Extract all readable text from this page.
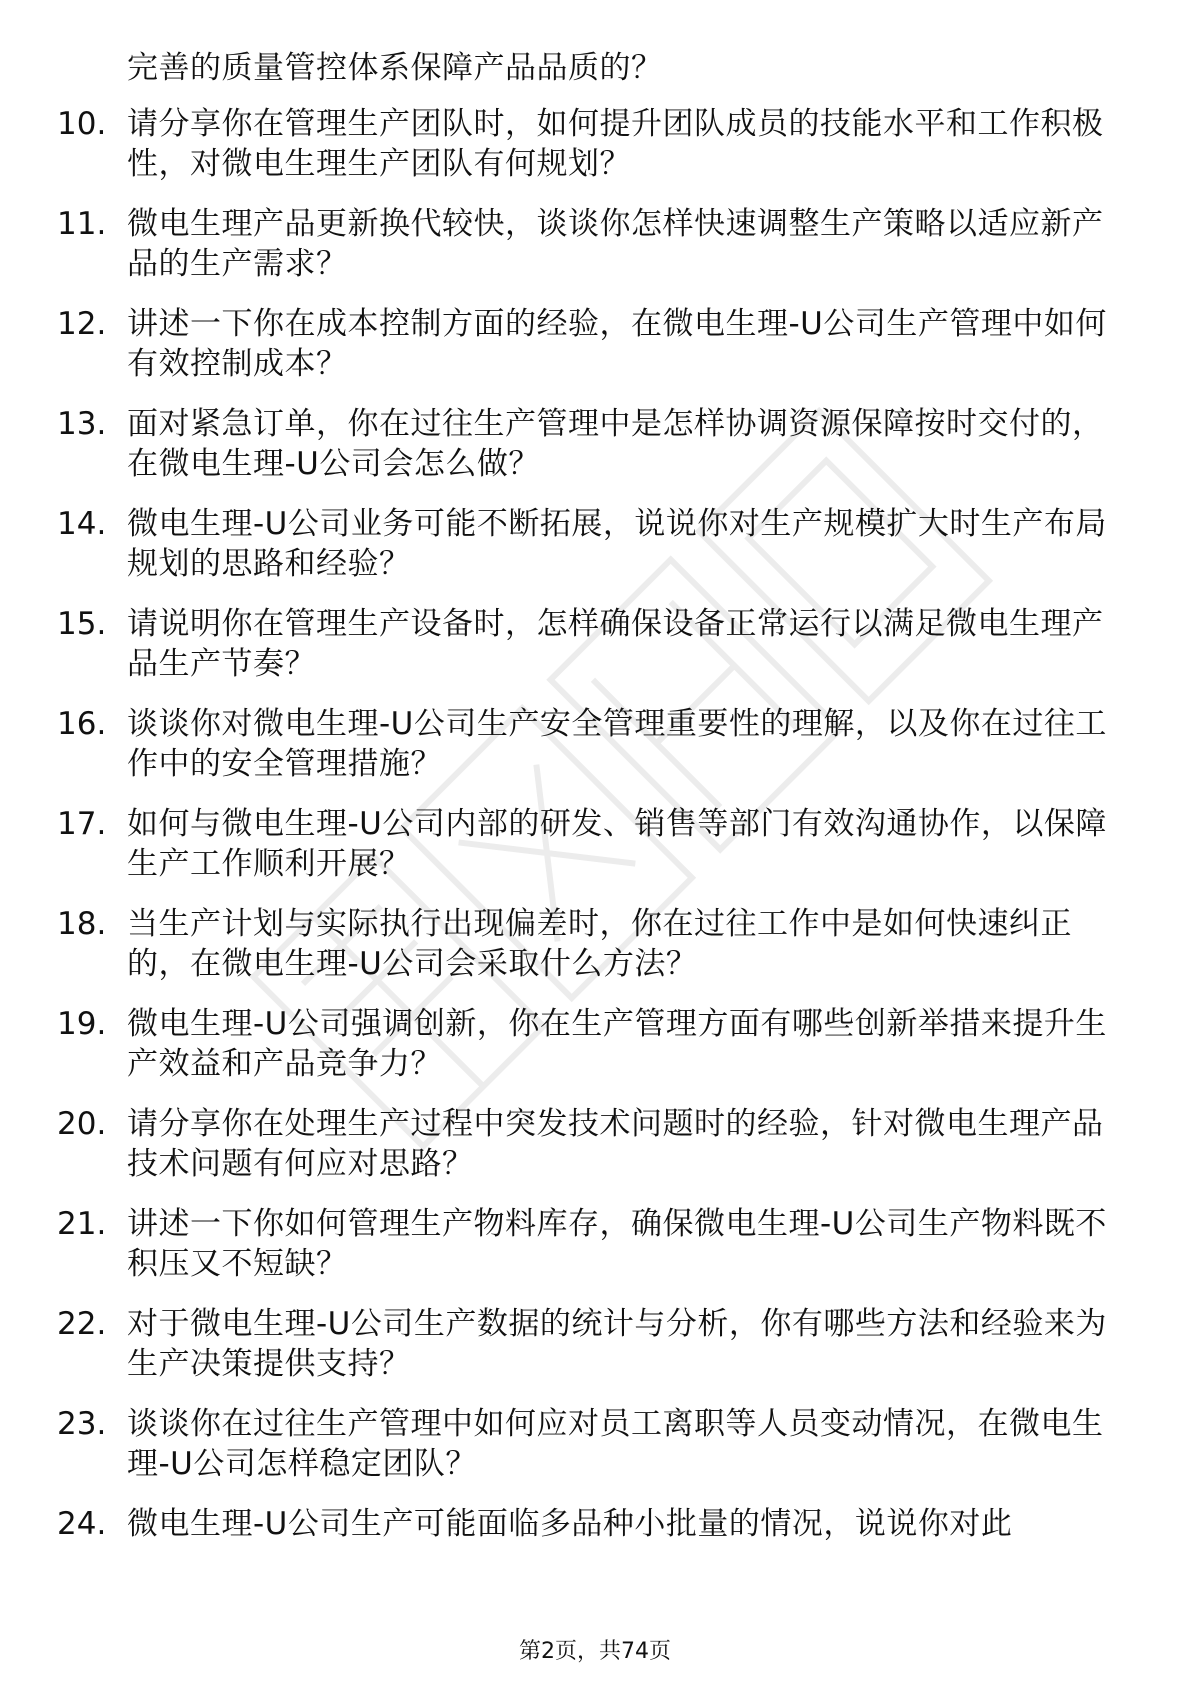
完善的质量管控体系保障产品品质的？
10. 请分享你在管理生产团队时，如何提升团队成员的技能水平和工作积极性，对微电生理生产团队有何规划？
11. 微电生理产品更新换代较快，谈谈你怎样快速调整生产策略以适应新产品的生产需求？
12. 讲述一下你在成本控制方面的经验，在微电生理-U公司生产管理中如何有效控制成本？
13. 面对紧急订单，你在过往生产管理中是怎样协调资源保障按时交付的，在微电生理-U公司会怎么做？
14. 微电生理-U公司业务可能不断拓展，说说你对生产规模扩大时生产布局规划的思路和经验？
15. 请说明你在管理生产设备时，怎样确保设备正常运行以满足微电生理产品生产节奏？
16. 谈谈你对微电生理-U公司生产安全管理重要性的理解，以及你在过往工作中的安全管理措施？
17. 如何与微电生理-U公司内部的研发、销售等部门有效沟通协作，以保障生产工作顺利开展？
18. 当生产计划与实际执行出现偏差时，你在过往工作中是如何快速纠正的，在微电生理-U公司会采取什么方法？
19. 微电生理-U公司强调创新，你在生产管理方面有哪些创新举措来提升生产效益和产品竞争力？
20. 请分享你在处理生产过程中突发技术问题时的经验，针对微电生理产品技术问题有何应对思路？
21. 讲述一下你如何管理生产物料库存，确保微电生理-U公司生产物料既不积压又不短缺？
22. 对于微电生理-U公司生产数据的统计与分析，你有哪些方法和经验来为生产决策提供支持？
23. 谈谈你在过往生产管理中如何应对员工离职等人员变动情况，在微电生理-U公司怎样稳定团队？
24. 微电生理-U公司生产可能面临多品种小批量的情况，说说你对此
第2页，共74页
